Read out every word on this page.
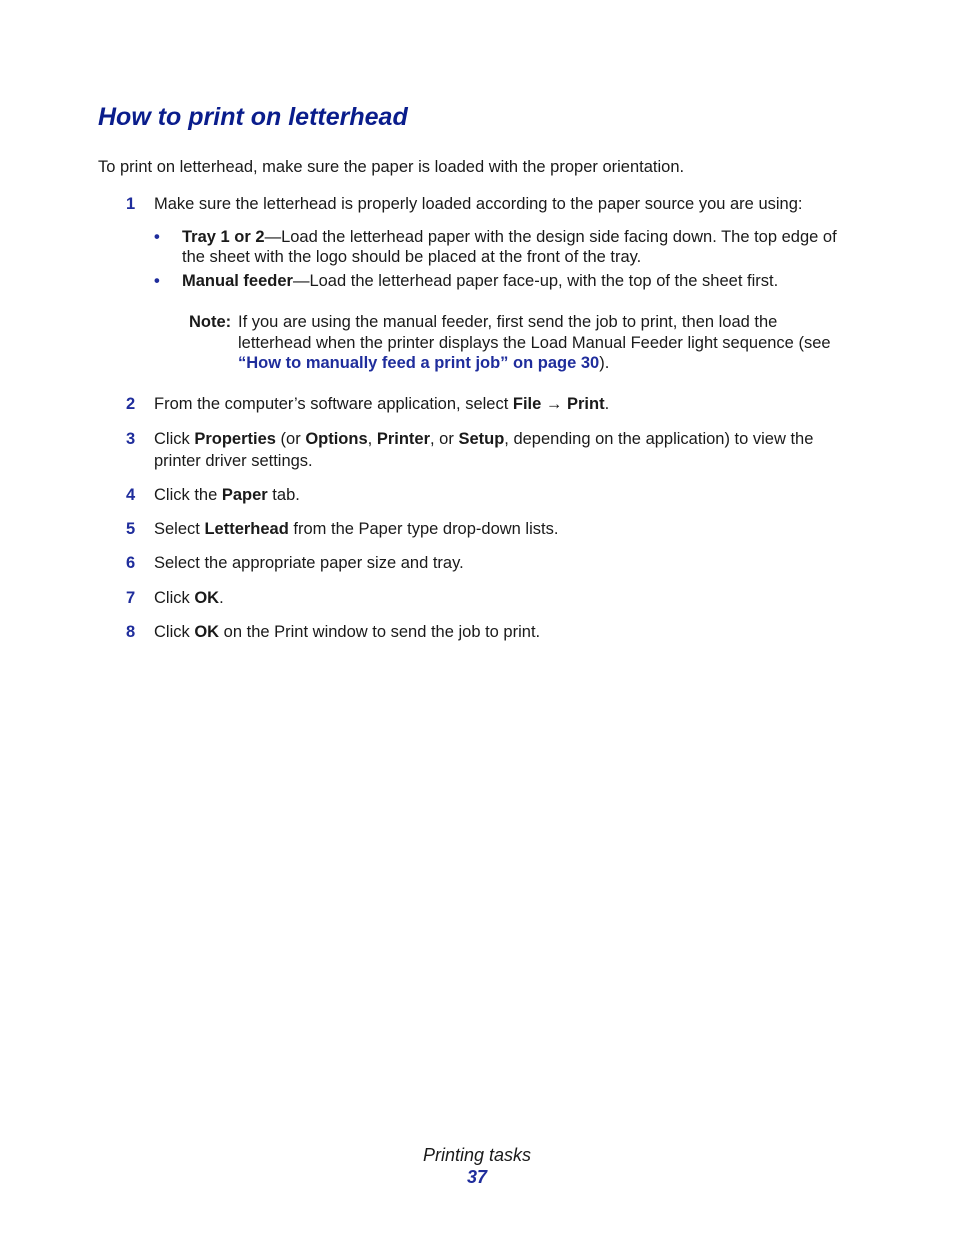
How to print on letterhead

To print on letterhead, make sure the paper is loaded with the proper orientation.

1 Make sure the letterhead is properly loaded according to the paper source you are using:
• Tray 1 or 2—Load the letterhead paper with the design side facing down. The top edge of the sheet with the logo should be placed at the front of the tray.
• Manual feeder—Load the letterhead paper face-up, with the top of the sheet first.
Note: If you are using the manual feeder, first send the job to print, then load the letterhead when the printer displays the Load Manual Feeder light sequence (see “How to manually feed a print job” on page 30).
2 From the computer’s software application, select File → Print.
3 Click Properties (or Options, Printer, or Setup, depending on the application) to view the printer driver settings.
4 Click the Paper tab.
5 Select Letterhead from the Paper type drop-down lists.
6 Select the appropriate paper size and tray.
7 Click OK.
8 Click OK on the Print window to send the job to print.
Printing tasks
37
